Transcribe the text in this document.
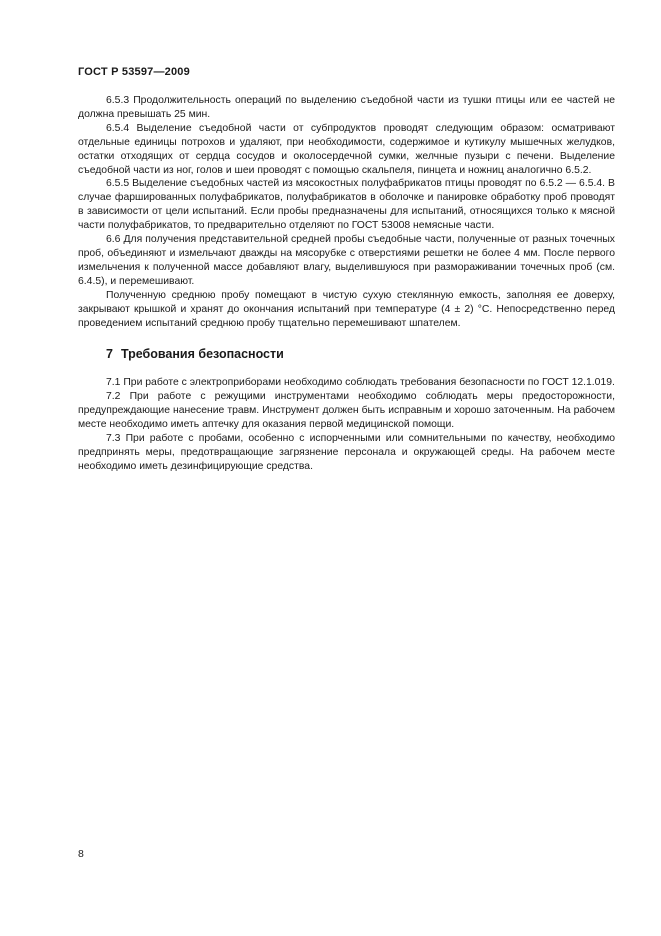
ГОСТ Р 53597—2009

6.5.3 Продолжительность операций по выделению съедобной части из тушки птицы или ее частей не должна превышать 25 мин.

6.5.4 Выделение съедобной части от субпродуктов проводят следующим образом: осматривают отдельные единицы потрохов и удаляют, при необходимости, содержимое и кутикулу мышечных желудков, остатки отходящих от сердца сосудов и околосердечной сумки, желчные пузыри с печени. Выделение съедобной части из ног, голов и шеи проводят с помощью скальпеля, пинцета и ножниц аналогично 6.5.2.

6.5.5 Выделение съедобных частей из мясокостных полуфабрикатов птицы проводят по 6.5.2 — 6.5.4. В случае фаршированных полуфабрикатов, полуфабрикатов в оболочке и панировке обработку проб проводят в зависимости от цели испытаний. Если пробы предназначены для испытаний, относящихся только к мясной части полуфабрикатов, то предварительно отделяют по ГОСТ 53008 немясные части.

6.6 Для получения представительной средней пробы съедобные части, полученные от разных точечных проб, объединяют и измельчают дважды на мясорубке с отверстиями решетки не более 4 мм. После первого измельчения к полученной массе добавляют влагу, выделившуюся при размораживании точечных проб (см. 6.4.5), и перемешивают.

Полученную среднюю пробу помещают в чистую сухую стеклянную емкость, заполняя ее доверху, закрывают крышкой и хранят до окончания испытаний при температуре (4 ± 2) °С. Непосредственно перед проведением испытаний среднюю пробу тщательно перемешивают шпателем.

7 Требования безопасности

7.1 При работе с электроприборами необходимо соблюдать требования безопасности по ГОСТ 12.1.019.

7.2 При работе с режущими инструментами необходимо соблюдать меры предосторожности, предупреждающие нанесение травм. Инструмент должен быть исправным и хорошо заточенным. На рабочем месте необходимо иметь аптечку для оказания первой медицинской помощи.

7.3 При работе с пробами, особенно с испорченными или сомнительными по качеству, необходимо предпринять меры, предотвращающие загрязнение персонала и окружающей среды. На рабочем месте необходимо иметь дезинфицирующие средства.

8
